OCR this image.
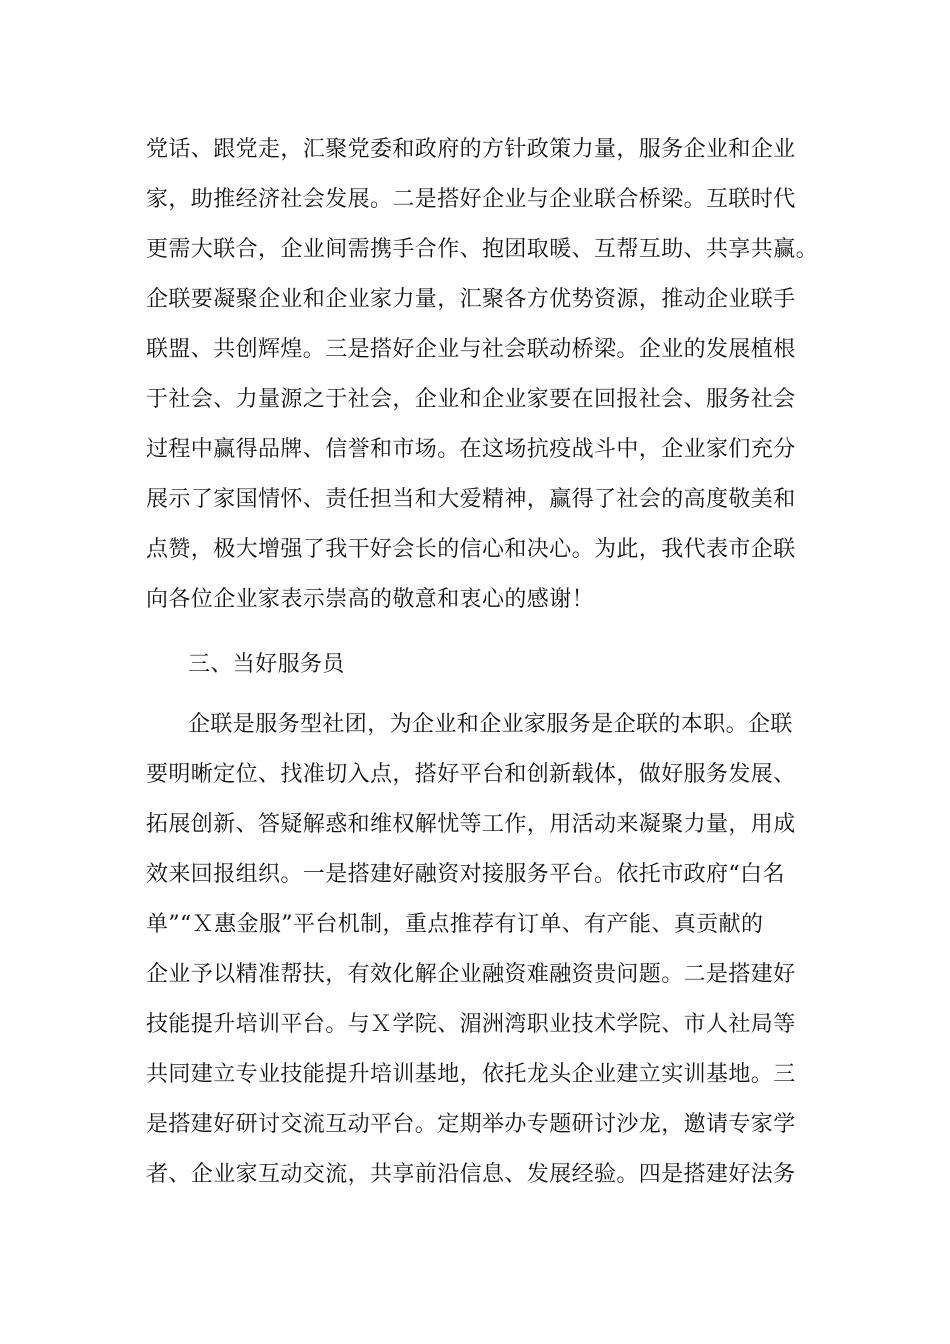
党话、跟党走，汇聚党委和政府的方针政策力量，服务企业和企业
家，助推经济社会发展。二是搭好企业与企业联合桥梁。互联时代
更需大联合，企业间需携手合作、抱团取暖、互帮互助、共享共赢。
企联要凝聚企业和企业家力量，汇聚各方优势资源，推动企业联手
联盟、共创辉煌。三是搭好企业与社会联动桥梁。企业的发展植根
于社会、力量源之于社会，企业和企业家要在回报社会、服务社会
过程中赢得品牌、信誉和市场。在这场抗疫战斗中，企业家们充分
展示了家国情怀、责任担当和大爱精神，赢得了社会的高度敬美和
点赞，极大增强了我干好会长的信心和决心。为此，我代表市企联
向各位企业家表示崇高的敬意和衷心的感谢！
三、当好服务员
企联是服务型社团，为企业和企业家服务是企联的本职。企联
要明晰定位、找准切入点，搭好平台和创新载体，做好服务发展、
拓展创新、答疑解惑和维权解忧等工作，用活动来凝聚力量，用成
效来回报组织。一是搭建好融资对接服务平台。依托市政府“白名
单”“Ｘ惠金服”平台机制，重点推荐有订单、有产能、真贡献的
企业予以精准帮扶，有效化解企业融资难融资贵问题。二是搭建好
技能提升培训平台。与Ｘ学院、湄洲湾职业技术学院、市人社局等
共同建立专业技能提升培训基地，依托龙头企业建立实训基地。三
是搭建好研讨交流互动平台。定期举办专题研讨沙龙，邀请专家学
者、企业家互动交流，共享前沿信息、发展经验。四是搭建好法务
